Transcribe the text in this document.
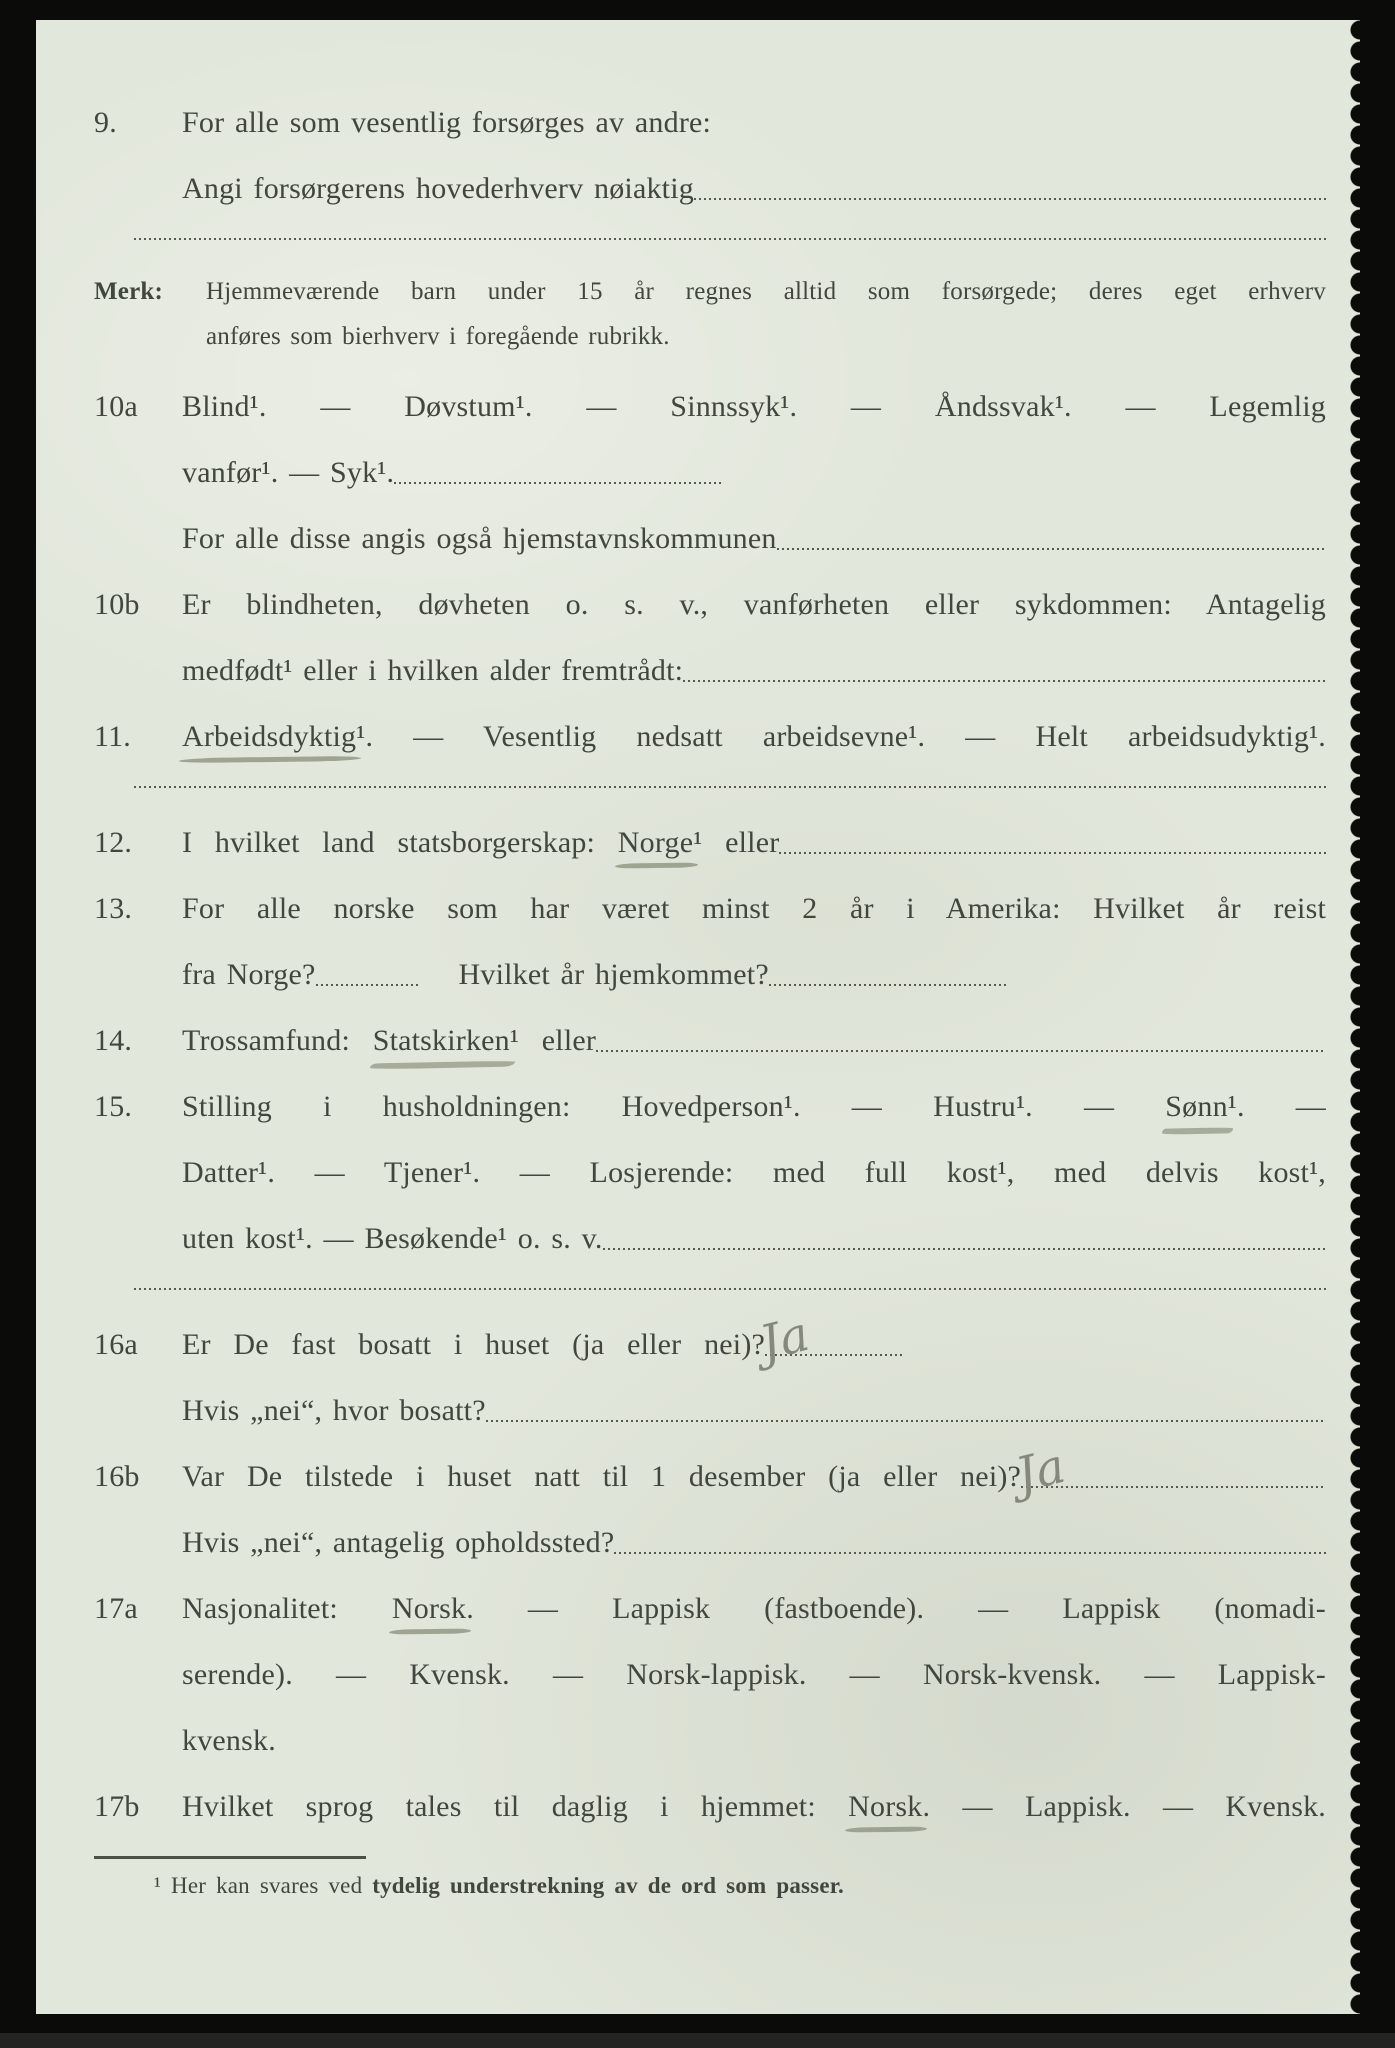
9.	For alle som vesentlig forsørges av andre:
Angi forsørgerens hovederhverv nøiaktig
Merk:	Hjemmeværende barn under 15 år regnes alltid som forsørgede; deres eget erhverv
anføres som bierhverv i foregående rubrikk.
10a	Blind¹. — Døvstum¹. — Sinnssyk¹. — Åndssvak¹. — Legemlig
vanfør¹. — Syk¹.
For alle disse angis også hjemstavnskommunen
10b	Er blindheten, døvheten o. s. v., vanførheten eller sykdommen: Antagelig
medfødt¹ eller i hvilken alder fremtrådt:
11.	Arbeidsdyktig¹. — Vesentlig nedsatt arbeidsevne¹. — Helt arbeidsudyktig¹.
12.	I hvilket land statsborgerskap: Norge ¹ eller
13.	For alle norske som har været minst 2 år i Amerika: Hvilket år reist
fra Norge?	Hvilket år hjemkommet?
14.	Trossamfund: Statskirken ¹ eller
15.	Stilling i husholdningen: Hovedperson¹. — Hustru¹. — Sønn¹. —
Datter¹. — Tjener¹. — Losjerende: med full kost¹, med delvis kost¹,
uten kost¹. — Besøkende¹ o. s. v.
16a	Er De fast bosatt i huset (ja eller nei)?
Ja
Hvis „nei“, hvor bosatt?
16b	Var De tilstede i huset natt til 1 desember (ja eller nei)?
Ja
Hvis „nei“, antagelig opholdssted?
17a	Nasjonalitet: Norsk. — Lappisk (fastboende). — Lappisk (nomadi-
serende). — Kvensk. — Norsk-lappisk. — Norsk-kvensk. — Lappisk-
kvensk.
17b	Hvilket sprog tales til daglig i hjemmet: Norsk. — Lappisk. — Kvensk.
¹ Her kan svares ved tydelig understrekning av de ord som passer.
